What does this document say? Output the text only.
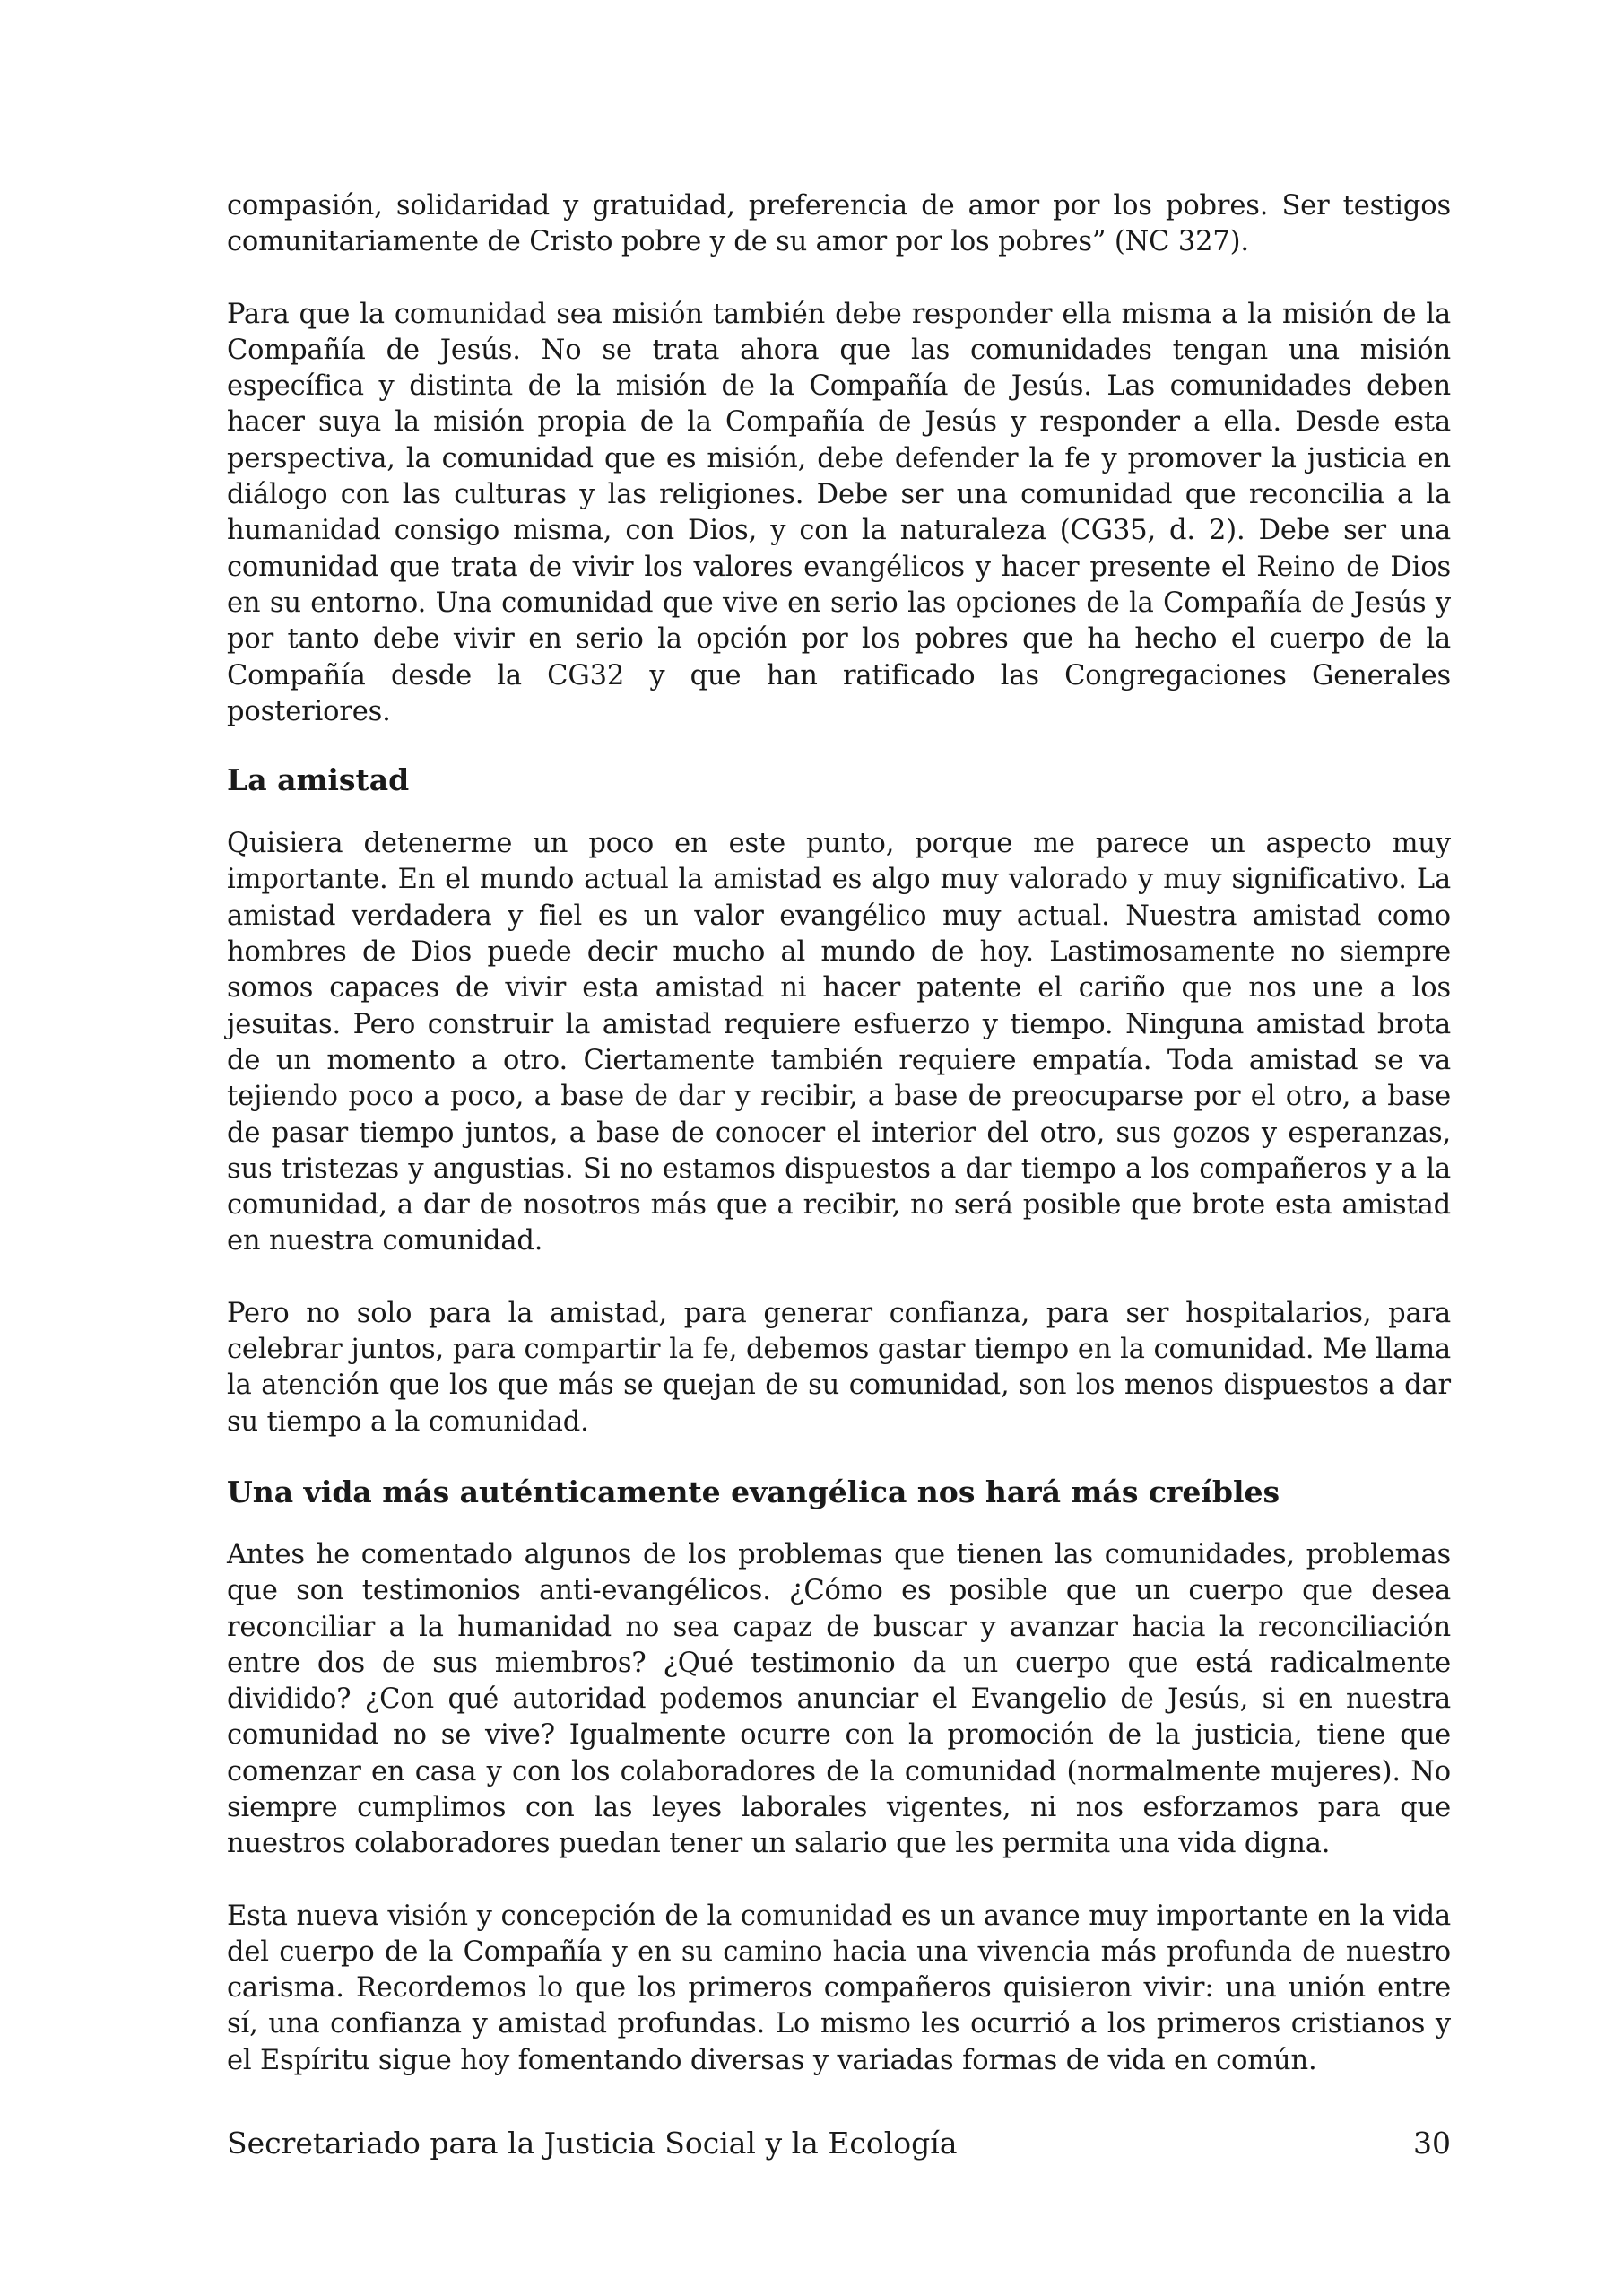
compasión, solidaridad y gratuidad, preferencia de amor por los pobres. Ser testigos comunitariamente de Cristo pobre y de su amor por los pobres” (NC 327).

Para que la comunidad sea misión también debe responder ella misma a la misión de la Compañía de Jesús. No se trata ahora que las comunidades tengan una misión específica y distinta de la misión de la Compañía de Jesús. Las comunidades deben hacer suya la misión propia de la Compañía de Jesús y responder a ella. Desde esta perspectiva, la comunidad que es misión, debe defender la fe y promover la justicia en diálogo con las culturas y las religiones. Debe ser una comunidad que reconcilia a la humanidad consigo misma, con Dios, y con la naturaleza (CG35, d. 2). Debe ser una comunidad que trata de vivir los valores evangélicos y hacer presente el Reino de Dios en su entorno. Una comunidad que vive en serio las opciones de la Compañía de Jesús y por tanto debe vivir en serio la opción por los pobres que ha hecho el cuerpo de la Compañía desde la CG32 y que han ratificado las Congregaciones Generales posteriores.

La amistad

Quisiera detenerme un poco en este punto, porque me parece un aspecto muy importante. En el mundo actual la amistad es algo muy valorado y muy significativo. La amistad verdadera y fiel es un valor evangélico muy actual. Nuestra amistad como hombres de Dios puede decir mucho al mundo de hoy. Lastimosamente no siempre somos capaces de vivir esta amistad ni hacer patente el cariño que nos une a los jesuitas. Pero construir la amistad requiere esfuerzo y tiempo. Ninguna amistad brota de un momento a otro. Ciertamente también requiere empatía. Toda amistad se va tejiendo poco a poco, a base de dar y recibir, a base de preocuparse por el otro, a base de pasar tiempo juntos, a base de conocer el interior del otro, sus gozos y esperanzas, sus tristezas y angustias. Si no estamos dispuestos a dar tiempo a los compañeros y a la comunidad, a dar de nosotros más que a recibir, no será posible que brote esta amistad en nuestra comunidad.

Pero no solo para la amistad, para generar confianza, para ser hospitalarios, para celebrar juntos, para compartir la fe, debemos gastar tiempo en la comunidad. Me llama la atención que los que más se quejan de su comunidad, son los menos dispuestos a dar su tiempo a la comunidad.

Una vida más auténticamente evangélica nos hará más creíbles

Antes he comentado algunos de los problemas que tienen las comunidades, problemas que son testimonios anti-evangélicos. ¿Cómo es posible que un cuerpo que desea reconciliar a la humanidad no sea capaz de buscar y avanzar hacia la reconciliación entre dos de sus miembros? ¿Qué testimonio da un cuerpo que está radicalmente dividido? ¿Con qué autoridad podemos anunciar el Evangelio de Jesús, si en nuestra comunidad no se vive? Igualmente ocurre con la promoción de la justicia, tiene que comenzar en casa y con los colaboradores de la comunidad (normalmente mujeres). No siempre cumplimos con las leyes laborales vigentes, ni nos esforzamos para que nuestros colaboradores puedan tener un salario que les permita una vida digna.

Esta nueva visión y concepción de la comunidad es un avance muy importante en la vida del cuerpo de la Compañía y en su camino hacia una vivencia más profunda de nuestro carisma. Recordemos lo que los primeros compañeros quisieron vivir: una unión entre sí, una confianza y amistad profundas. Lo mismo les ocurrió a los primeros cristianos y el Espíritu sigue hoy fomentando diversas y variadas formas de vida en común.

Secretariado para la Justicia Social y la Ecología	30
